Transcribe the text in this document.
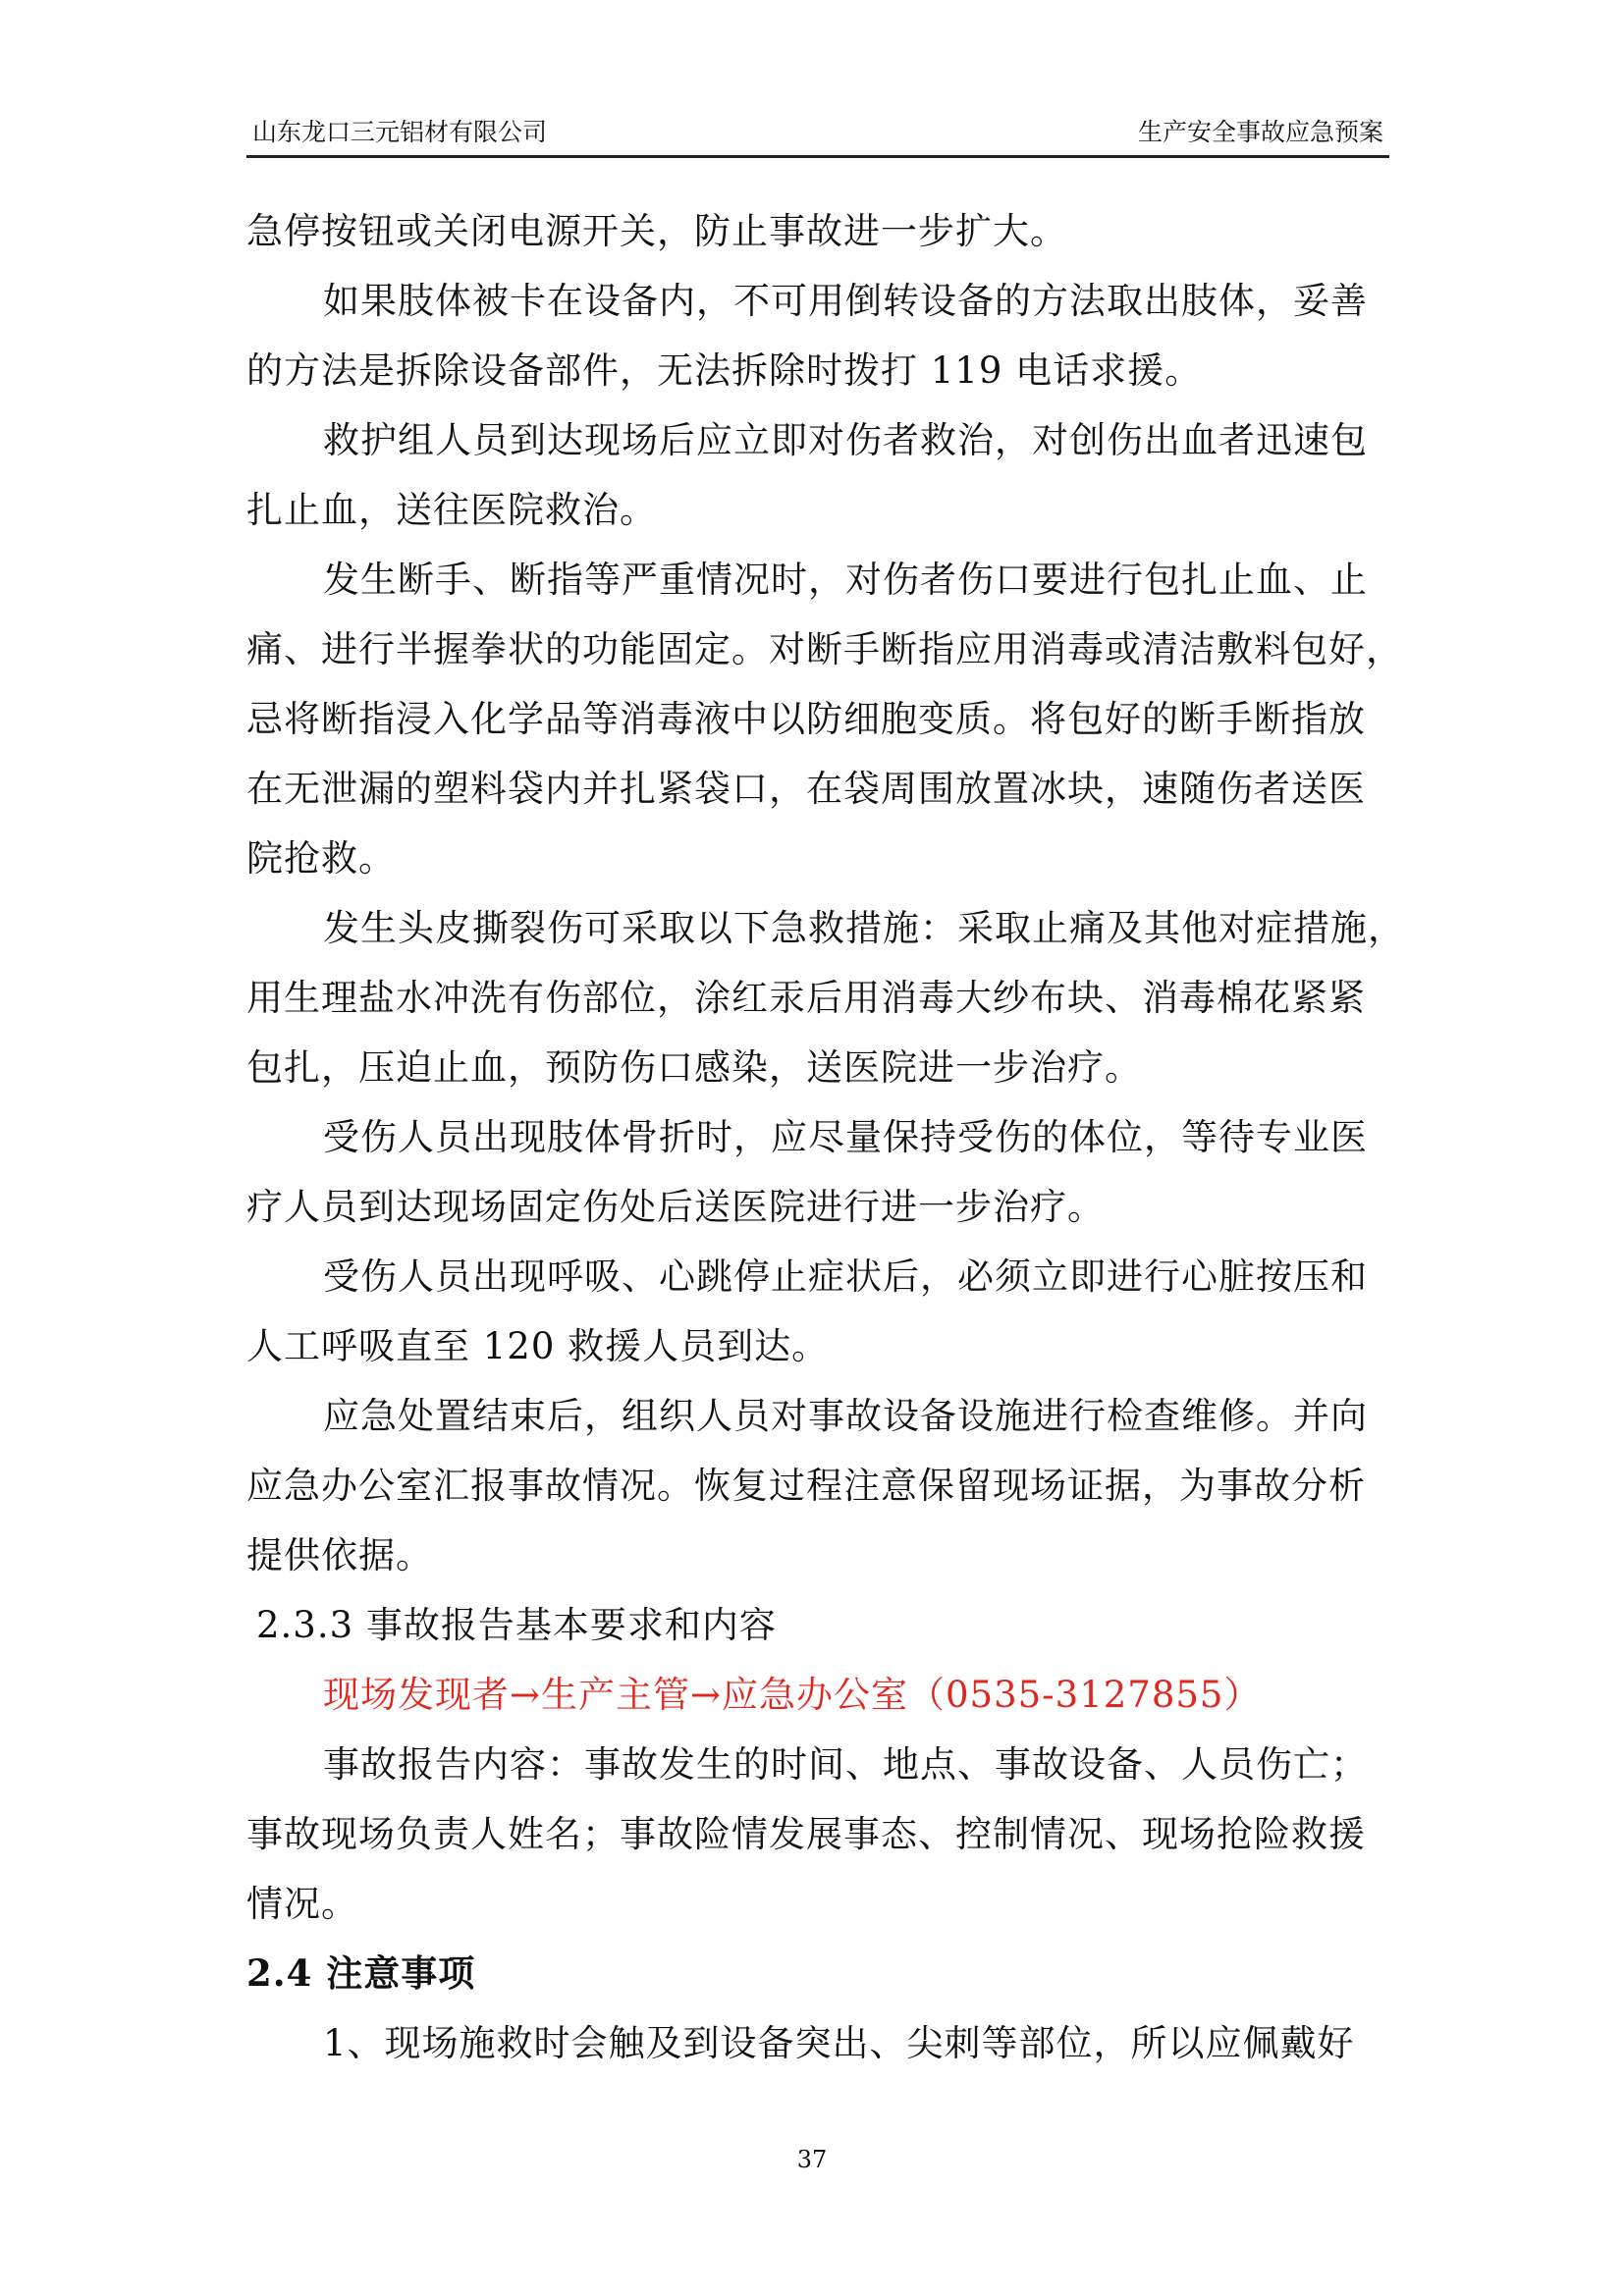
山东龙口三元铝材有限公司	生产安全事故应急预案
急停按钮或关闭电源开关，防止事故进一步扩大。
如果肢体被卡在设备内，不可用倒转设备的方法取出肢体，妥善
的方法是拆除设备部件，无法拆除时拨打 119 电话求援。
救护组人员到达现场后应立即对伤者救治，对创伤出血者迅速包
扎止血，送往医院救治。
发生断手、断指等严重情况时，对伤者伤口要进行包扎止血、止
痛、进行半握拳状的功能固定。对断手断指应用消毒或清洁敷料包好，
忌将断指浸入化学品等消毒液中以防细胞变质。将包好的断手断指放
在无泄漏的塑料袋内并扎紧袋口，在袋周围放置冰块，速随伤者送医
院抢救。
发生头皮撕裂伤可采取以下急救措施：采取止痛及其他对症措施，
用生理盐水冲洗有伤部位，涂红汞后用消毒大纱布块、消毒棉花紧紧
包扎，压迫止血，预防伤口感染，送医院进一步治疗。
受伤人员出现肢体骨折时，应尽量保持受伤的体位，等待专业医
疗人员到达现场固定伤处后送医院进行进一步治疗。
受伤人员出现呼吸、心跳停止症状后，必须立即进行心脏按压和
人工呼吸直至 120 救援人员到达。
应急处置结束后，组织人员对事故设备设施进行检查维修。并向
应急办公室汇报事故情况。恢复过程注意保留现场证据，为事故分析
提供依据。
2.3.3 事故报告基本要求和内容
现场发现者→生产主管→应急办公室（0535-3127855）
事故报告内容：事故发生的时间、地点、事故设备、人员伤亡；
事故现场负责人姓名；事故险情发展事态、控制情况、现场抢险救援
情况。
2.4 注意事项
1、现场施救时会触及到设备突出、尖刺等部位，所以应佩戴好
37
